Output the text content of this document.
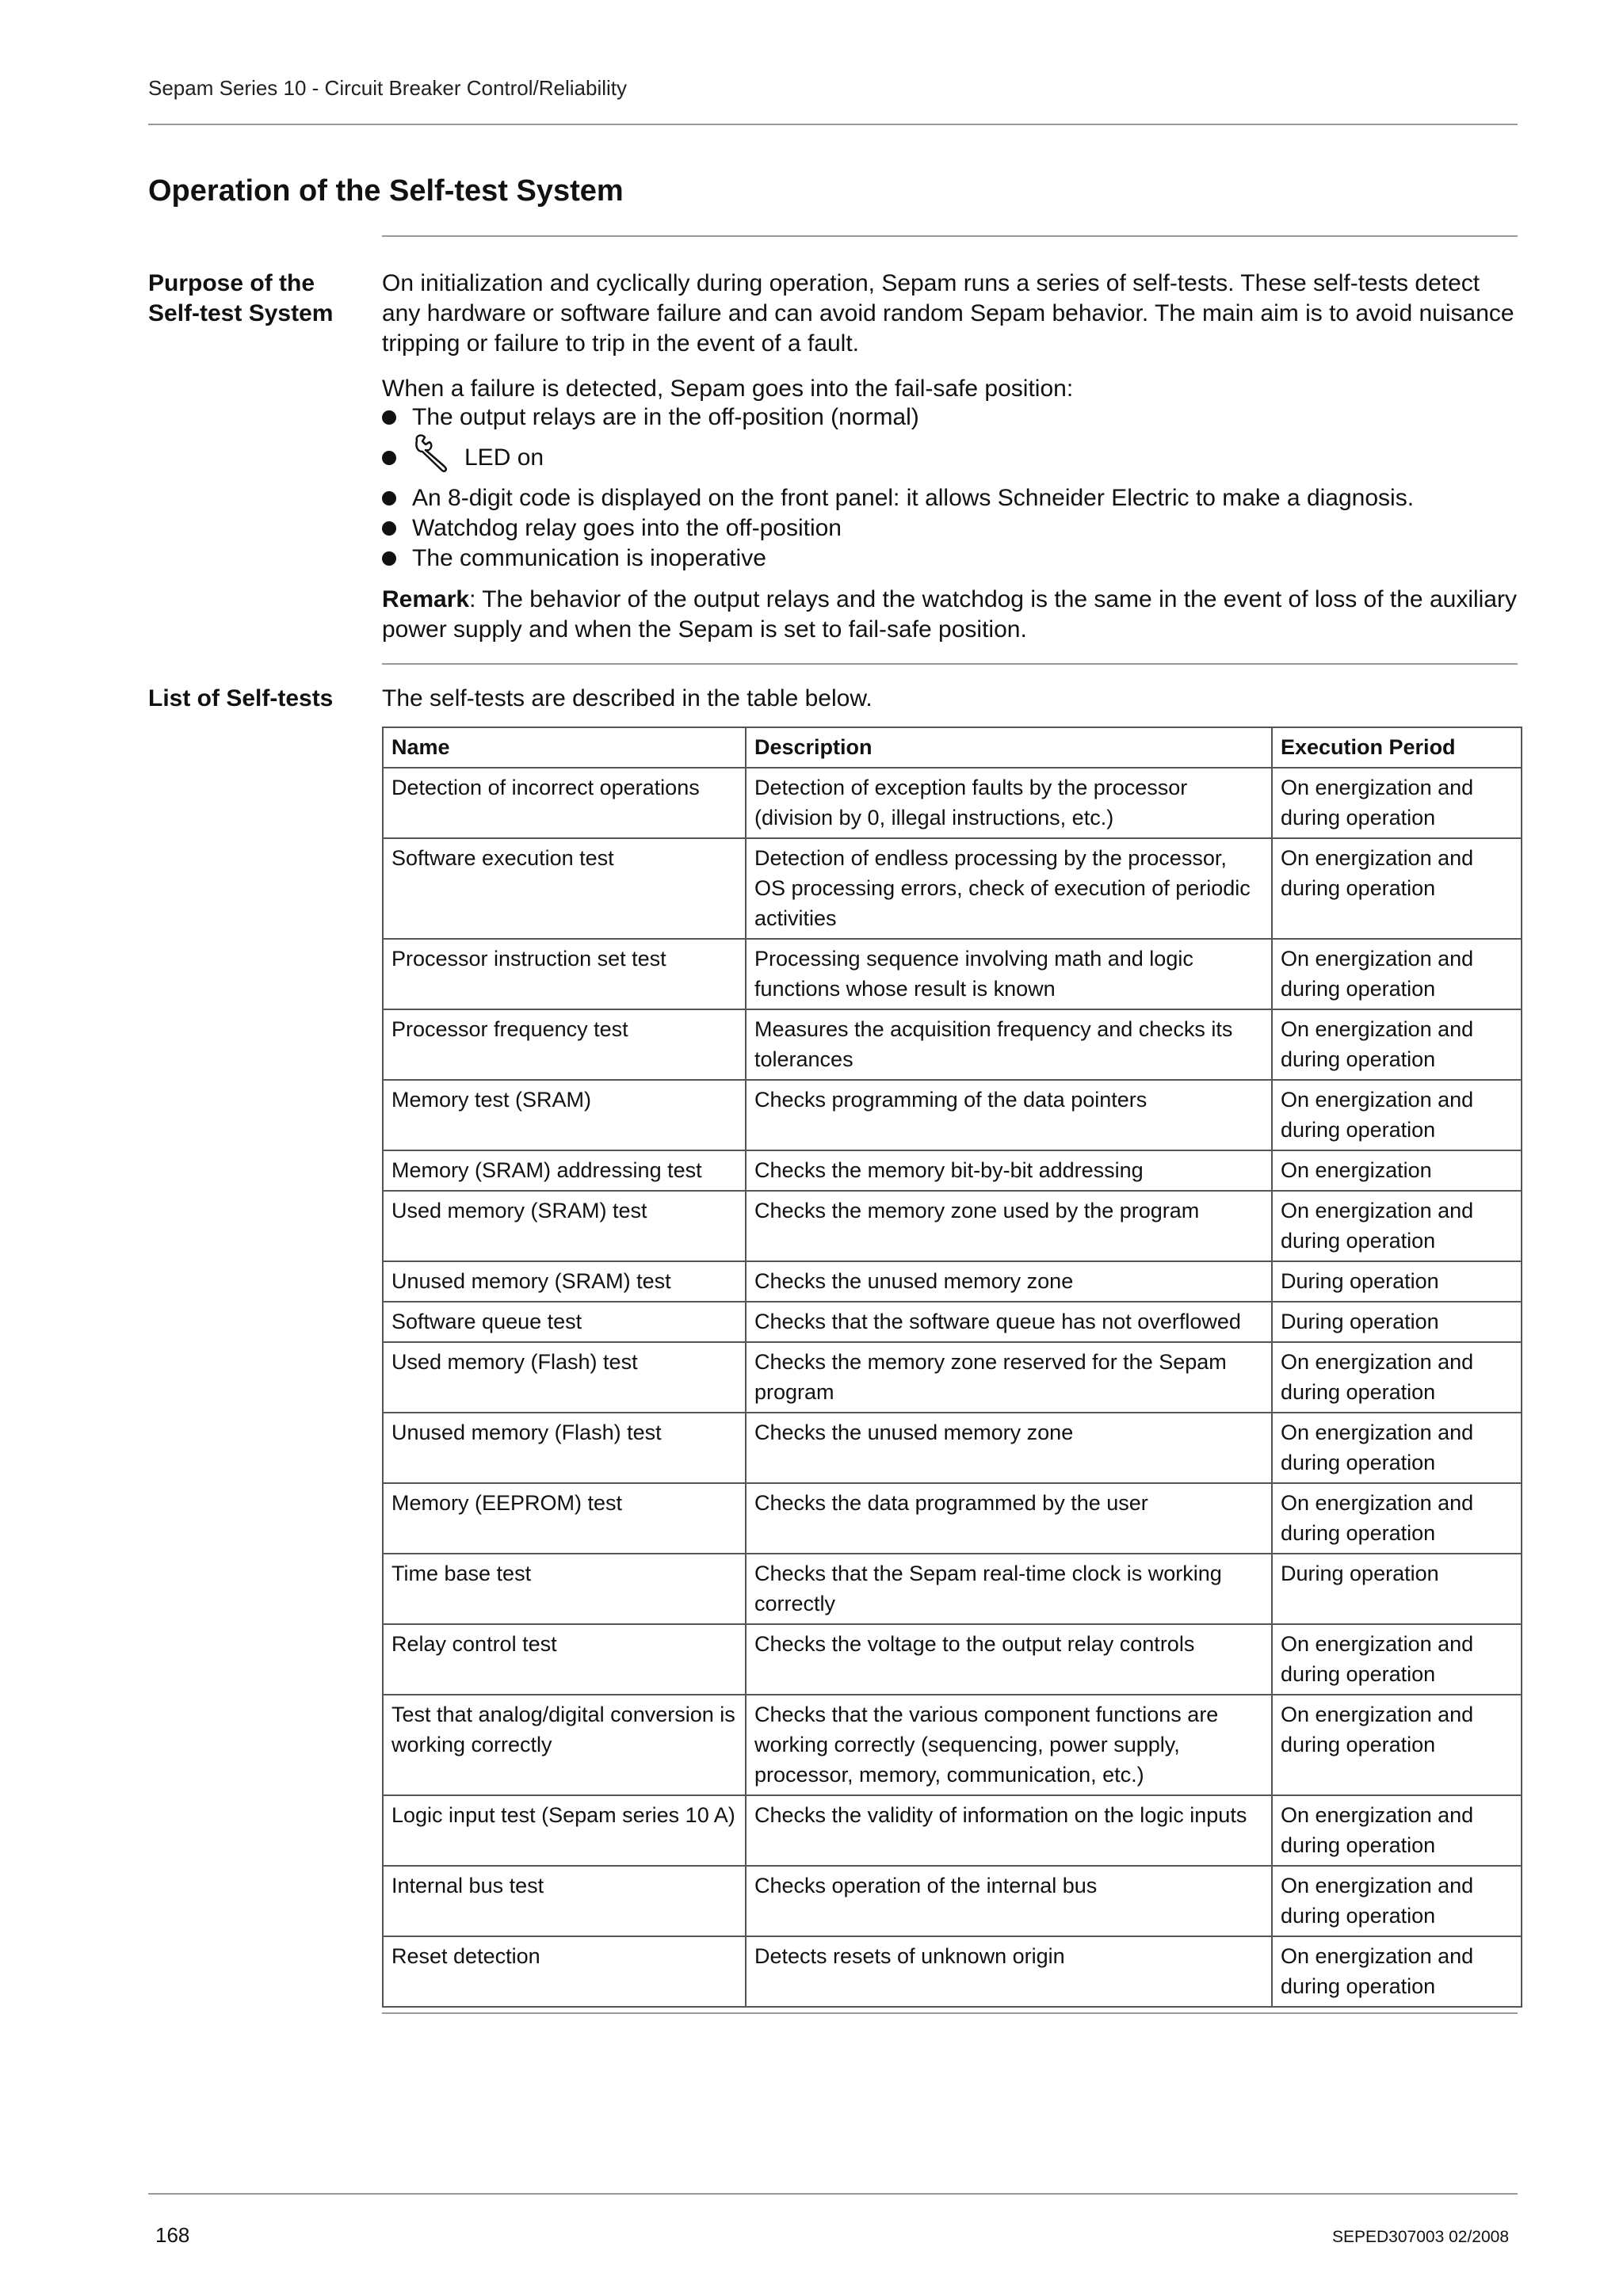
Sepam Series 10 - Circuit Breaker Control/Reliability
Operation of the Self-test System
Purpose of the Self-test System

On initialization and cyclically during operation, Sepam runs a series of self-tests. These self-tests detect any hardware or software failure and can avoid random Sepam behavior. The main aim is to avoid nuisance tripping or failure to trip in the event of a fault.

When a failure is detected, Sepam goes into the fail-safe position:

The output relays are in the off-position (normal)
LED on
An 8-digit code is displayed on the front panel: it allows Schneider Electric to make a diagnosis.
Watchdog relay goes into the off-position
The communication is inoperative

Remark: The behavior of the output relays and the watchdog is the same in the event of loss of the auxiliary power supply and when the Sepam is set to fail-safe position.

List of Self-tests	The self-tests are described in the table below.

Name	Description	Execution Period
Detection of incorrect operations	Detection of exception faults by the processor (division by 0, illegal instructions, etc.)	On energization and during operation
Software execution test	Detection of endless processing by the processor, OS processing errors, check of execution of periodic activities	On energization and during operation
Processor instruction set test	Processing sequence involving math and logic functions whose result is known	On energization and during operation
Processor frequency test	Measures the acquisition frequency and checks its tolerances	On energization and during operation
Memory test (SRAM)	Checks programming of the data pointers	On energization and during operation
Memory (SRAM) addressing test	Checks the memory bit-by-bit addressing	On energization
Used memory (SRAM) test	Checks the memory zone used by the program	On energization and during operation
Unused memory (SRAM) test	Checks the unused memory zone	During operation
Software queue test	Checks that the software queue has not overflowed	During operation
Used memory (Flash) test	Checks the memory zone reserved for the Sepam program	On energization and during operation
Unused memory (Flash) test	Checks the unused memory zone	On energization and during operation
Memory (EEPROM) test	Checks the data programmed by the user	On energization and during operation
Time base test	Checks that the Sepam real-time clock is working correctly	During operation
Relay control test	Checks the voltage to the output relay controls	On energization and during operation
Test that analog/digital conversion is working correctly	Checks that the various component functions are working correctly (sequencing, power supply, processor, memory, communication, etc.)	On energization and during operation
Logic input test (Sepam series 10 A)	Checks the validity of information on the logic inputs	On energization and during operation
Internal bus test	Checks operation of the internal bus	On energization and during operation
Reset detection	Detects resets of unknown origin	On energization and during operation
168	SEPED307003 02/2008
